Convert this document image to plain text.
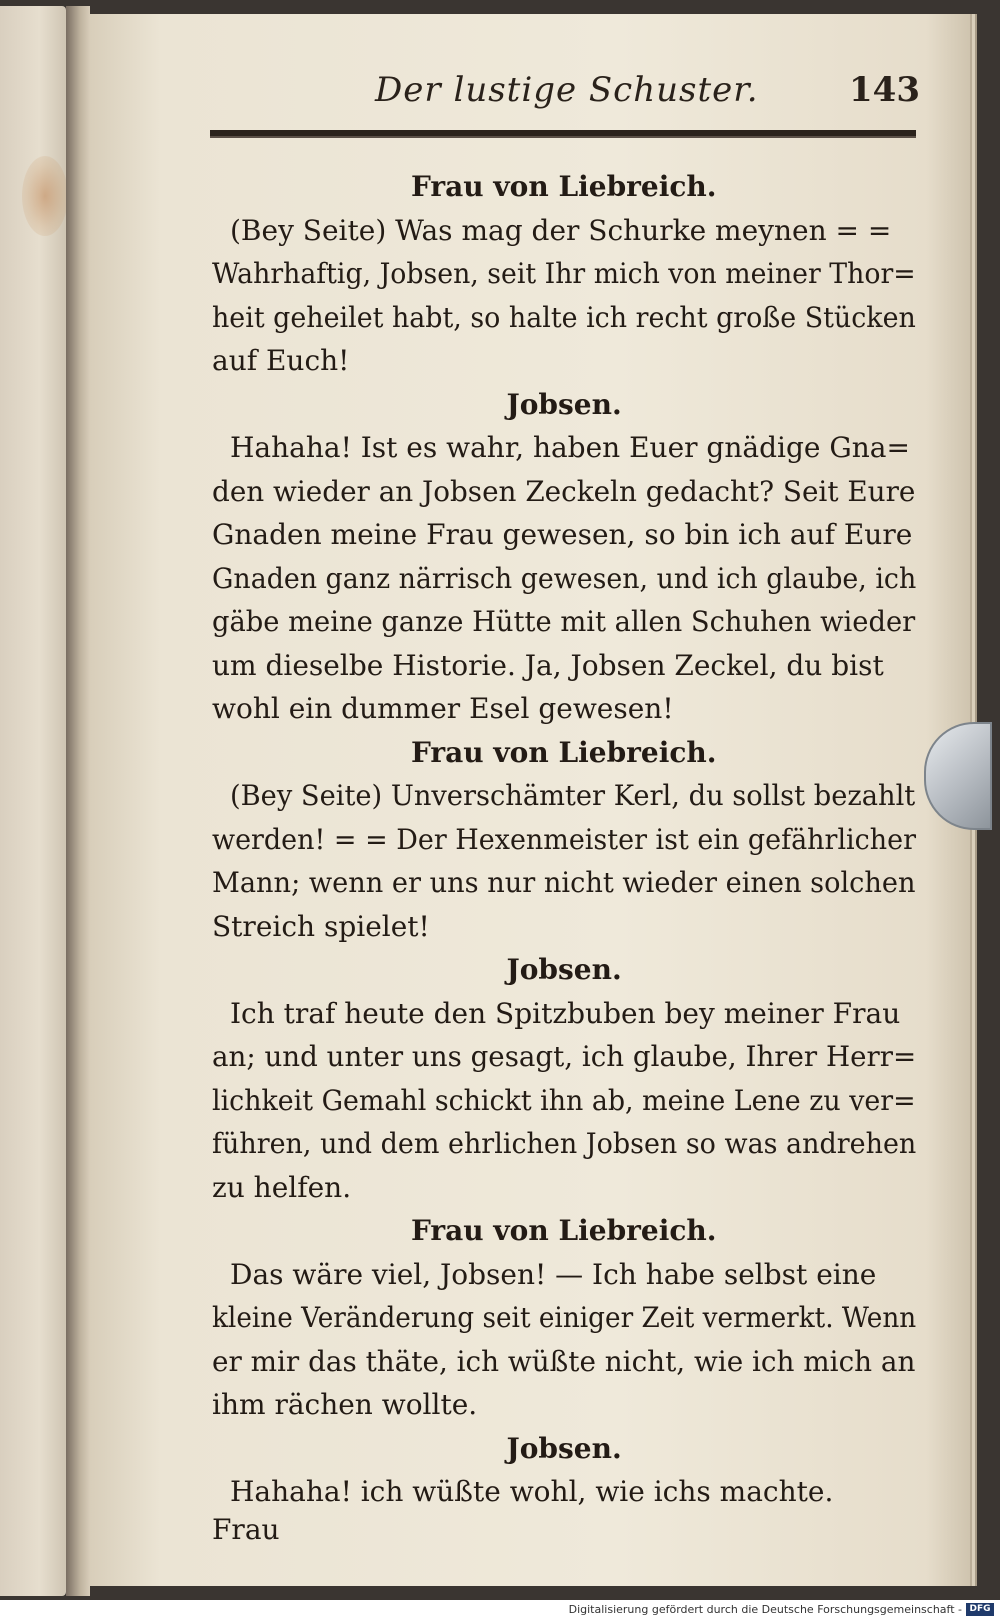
Der lustige Schuster.	143
Frau von Liebreich.
(Bey Seite) Was mag der Schurke meynen = =
Wahrhaftig, Jobsen, seit Ihr mich von meiner Thor=
heit geheilet habt, so halte ich recht große Stücken
auf Euch!
Jobsen.
Hahaha! Ist es wahr, haben Euer gnädige Gna=
den wieder an Jobsen Zeckeln gedacht? Seit Eure
Gnaden meine Frau gewesen, so bin ich auf Eure
Gnaden ganz närrisch gewesen, und ich glaube, ich
gäbe meine ganze Hütte mit allen Schuhen wieder
um dieselbe Historie. Ja, Jobsen Zeckel, du bist
wohl ein dummer Esel gewesen!
Frau von Liebreich.
(Bey Seite) Unverschämter Kerl, du sollst bezahlt
werden! = = Der Hexenmeister ist ein gefährlicher
Mann; wenn er uns nur nicht wieder einen solchen
Streich spielet!
Jobsen.
Ich traf heute den Spitzbuben bey meiner Frau
an; und unter uns gesagt, ich glaube, Ihrer Herr=
lichkeit Gemahl schickt ihn ab, meine Lene zu ver=
führen, und dem ehrlichen Jobsen so was andrehen
zu helfen.
Frau von Liebreich.
Das wäre viel, Jobsen! — Ich habe selbst eine
kleine Veränderung seit einiger Zeit vermerkt. Wenn
er mir das thäte, ich wüßte nicht, wie ich mich an
ihm rächen wollte.
Jobsen.
Hahaha! ich wüßte wohl, wie ichs machte.
Frau
Digitalisierung gefördert durch die Deutsche Forschungsgemeinschaft - DFG
